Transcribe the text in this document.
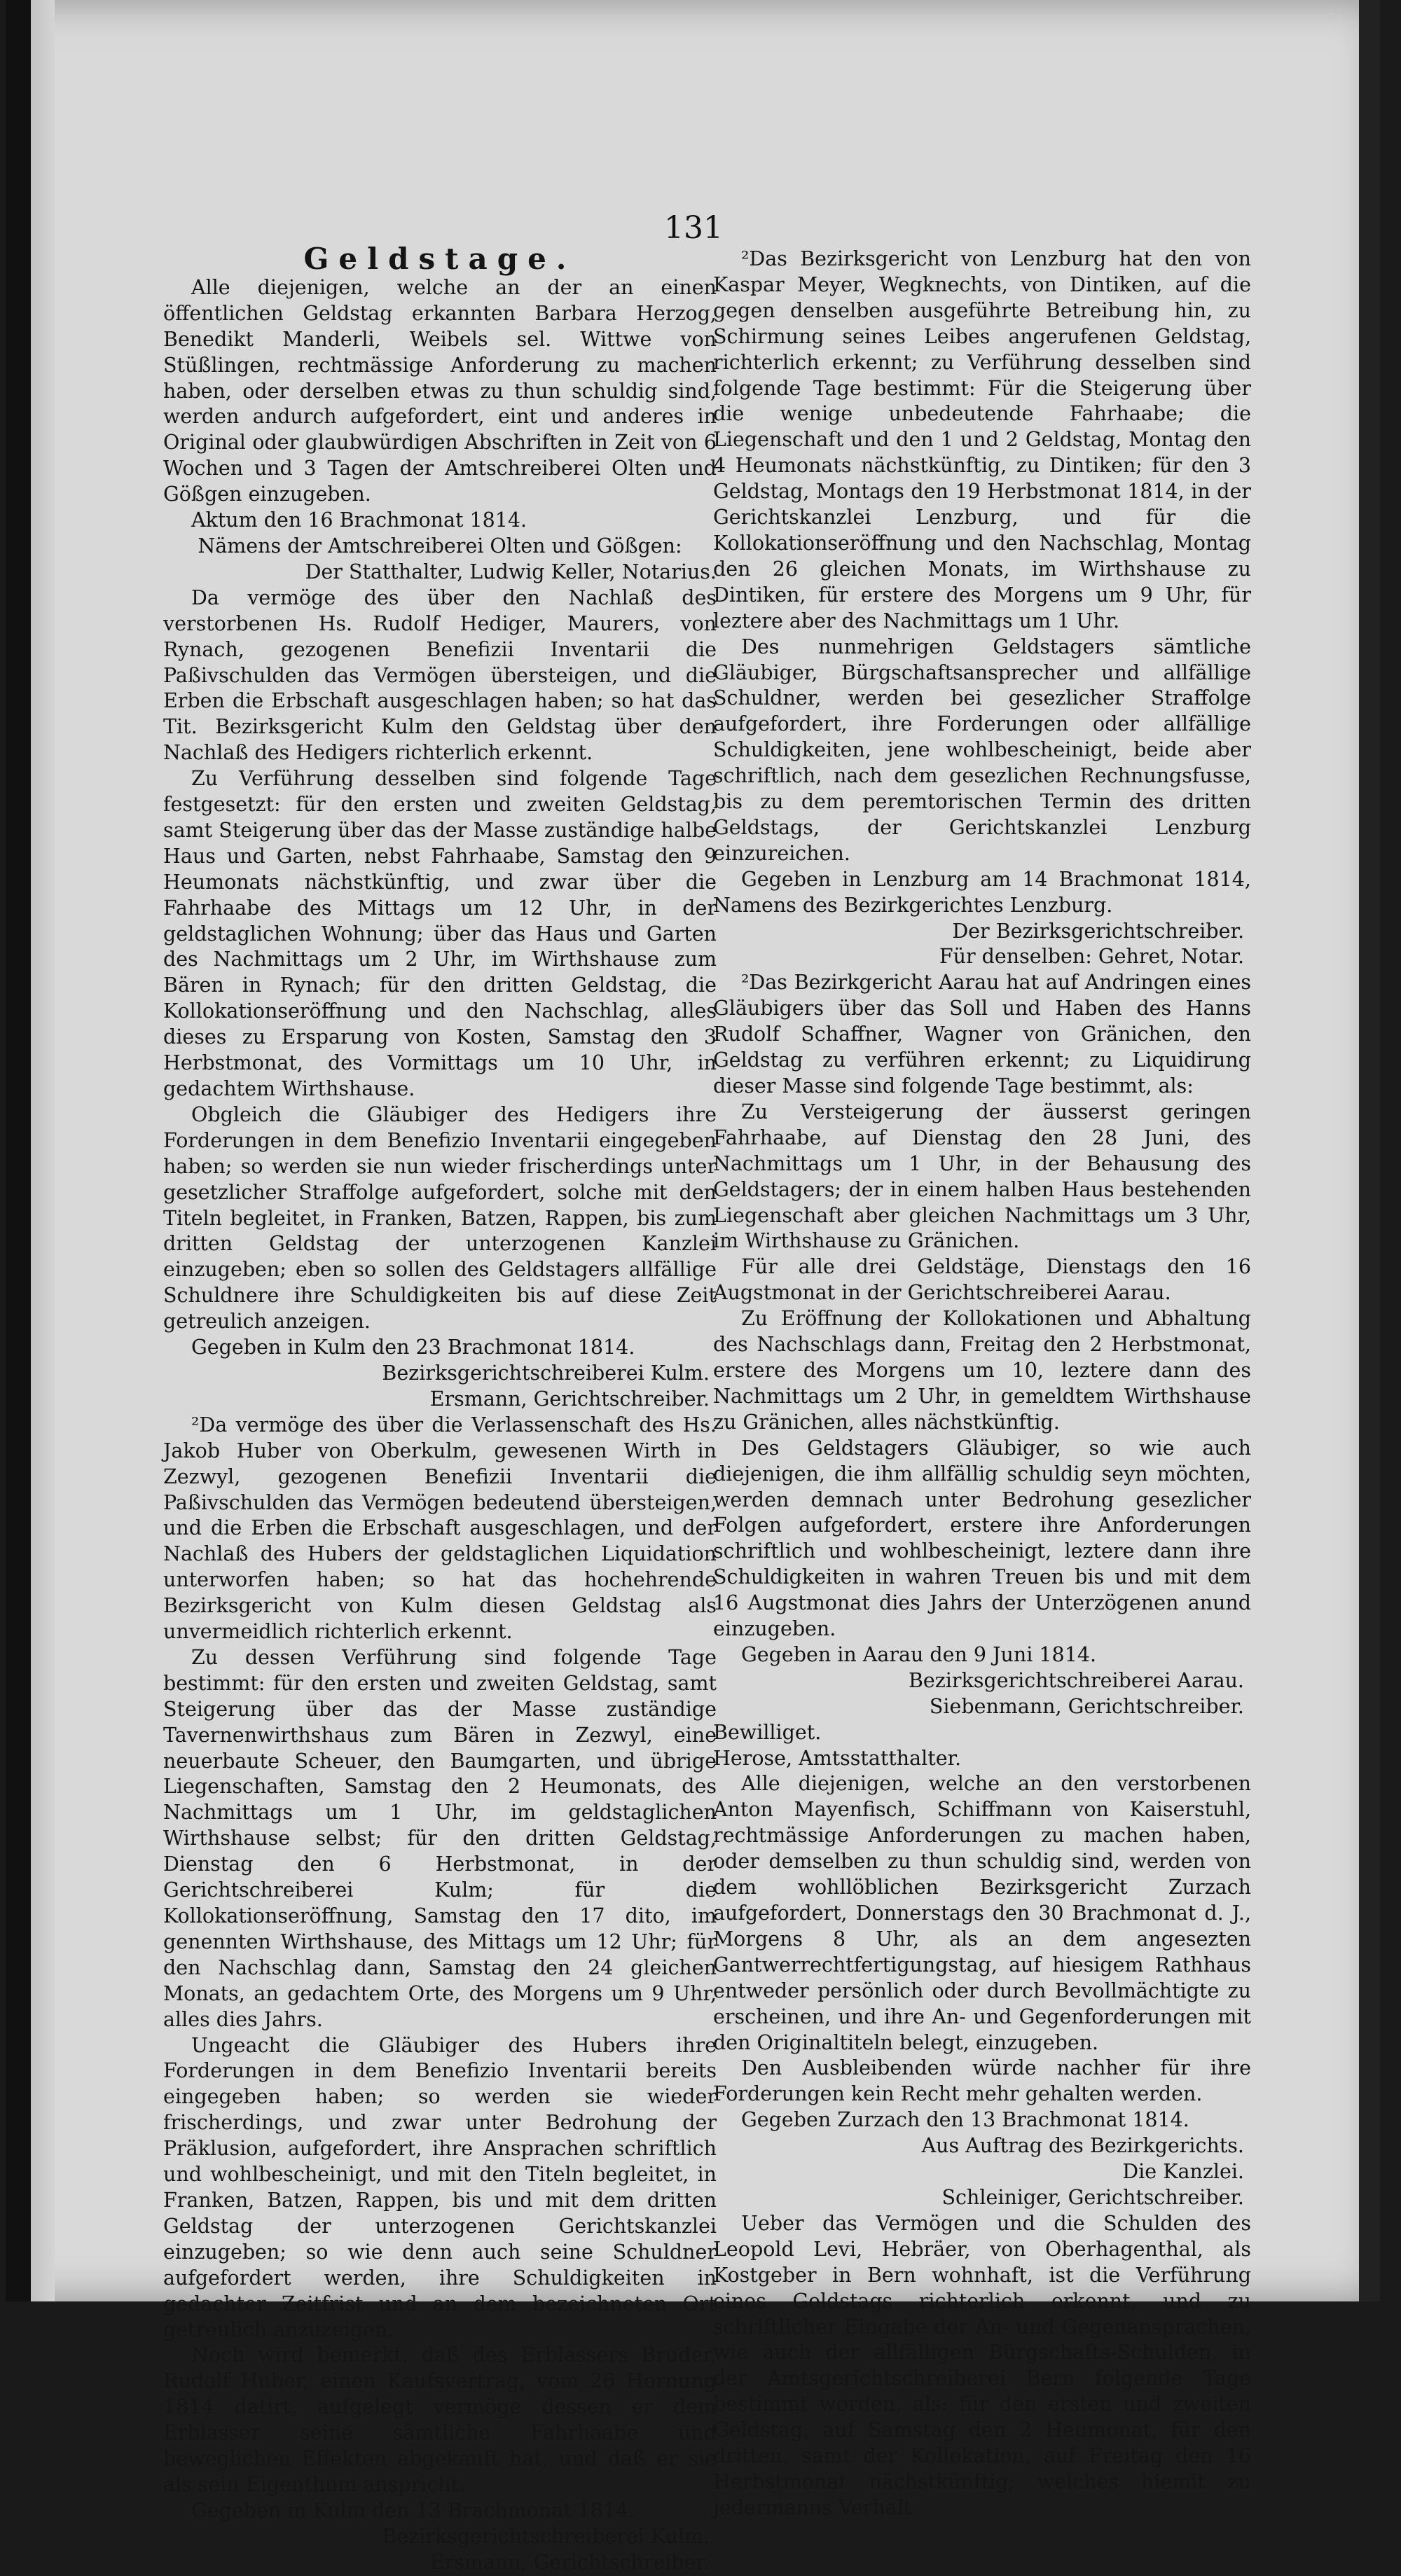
131
Geldstage.

Alle diejenigen, welche an der an einen öffentlichen Geldstag erkannten Barbara Herzog, Benedikt Manderli, Weibels sel. Wittwe von Stüßlingen, rechtmässige Anforderung zu machen haben, oder derselben etwas zu thun schuldig sind, werden andurch aufgefordert, eint und anderes in Original oder glaubwürdigen Abschriften in Zeit von 6 Wochen und 3 Tagen der Amtschreiberei Olten und Gößgen einzugeben.

Aktum den 16 Brachmonat 1814.

Nämens der Amtschreiberei Olten und Gößgen:

Der Statthalter, Ludwig Keller, Notarius.

Da vermöge des über den Nachlaß des verstorbenen Hs. Rudolf Hediger, Maurers, von Rynach, gezogenen Benefizii Inventarii die Paßivschulden das Vermögen übersteigen, und die Erben die Erbschaft ausgeschlagen haben; so hat das Tit. Bezirksgericht Kulm den Geldstag über den Nachlaß des Hedigers richterlich erkennt.

Zu Verführung desselben sind folgende Tage festgesetzt: für den ersten und zweiten Geldstag, samt Steigerung über das der Masse zuständige halbe Haus und Garten, nebst Fahrhaabe, Samstag den 9 Heumonats nächstkünftig, und zwar über die Fahrhaabe des Mittags um 12 Uhr, in der geldstaglichen Wohnung; über das Haus und Garten des Nachmittags um 2 Uhr, im Wirthshause zum Bären in Rynach; für den dritten Geldstag, die Kollokationseröffnung und den Nachschlag, alles dieses zu Ersparung von Kosten, Samstag den 3 Herbstmonat, des Vormittags um 10 Uhr, in gedachtem Wirthshause.

Obgleich die Gläubiger des Hedigers ihre Forderungen in dem Benefizio Inventarii eingegeben haben; so werden sie nun wieder frischerdings unter gesetzlicher Straffolge aufgefordert, solche mit den Titeln begleitet, in Franken, Batzen, Rappen, bis zum dritten Geldstag der unterzogenen Kanzlei einzugeben; eben so sollen des Geldstagers allfällige Schuldnere ihre Schuldigkeiten bis auf diese Zeit getreulich anzeigen.

Gegeben in Kulm den 23 Brachmonat 1814.

Bezirksgerichtschreiberei Kulm.

Ersmann, Gerichtschreiber.

²Da vermöge des über die Verlassenschaft des Hs. Jakob Huber von Oberkulm, gewesenen Wirth in Zezwyl, gezogenen Benefizii Inventarii die Paßivschulden das Vermögen bedeutend übersteigen, und die Erben die Erbschaft ausgeschlagen, und der Nachlaß des Hubers der geldstaglichen Liquidation unterworfen haben; so hat das hochehrende Bezirksgericht von Kulm diesen Geldstag als unvermeidlich richterlich erkennt.

Zu dessen Verführung sind folgende Tage bestimmt: für den ersten und zweiten Geldstag, samt Steigerung über das der Masse zuständige Tavernenwirthshaus zum Bären in Zezwyl, eine neuerbaute Scheuer, den Baumgarten, und übrige Liegenschaften, Samstag den 2 Heumonats, des Nachmittags um 1 Uhr, im geldstaglichen Wirthshause selbst; für den dritten Geldstag, Dienstag den 6 Herbstmonat, in der Gerichtschreiberei Kulm; für die Kollokationseröffnung, Samstag den 17 dito, im genennten Wirthshause, des Mittags um 12 Uhr; für den Nachschlag dann, Samstag den 24 gleichen Monats, an gedachtem Orte, des Morgens um 9 Uhr, alles dies Jahrs.

Ungeacht die Gläubiger des Hubers ihre Forderungen in dem Benefizio Inventarii bereits eingegeben haben; so werden sie wieder frischerdings, und zwar unter Bedrohung der Präklusion, aufgefordert, ihre Ansprachen schriftlich und wohlbescheinigt, und mit den Titeln begleitet, in Franken, Batzen, Rappen, bis und mit dem dritten Geldstag der unterzogenen Gerichtskanzlei einzugeben; so wie denn auch seine Schuldner aufgefordert werden, ihre Schuldigkeiten in gedachter Zeitfrist und an dem bezeichneten Ort getreulich anzuzeigen.

Noch wird bemerkt, daß des Erblassers Bruder, Rudolf Huber, einen Kaufsvertrag, vom 26 Hornung 1814 datirt, aufgelegt vermöge dessen er dem Erblasser seine sämtliche Fahrhaabe und beweglichen Effekten abgekauft hat, und daß er sie als sein Eigenthum anspricht.

Gegeben in Kulm den 13 Brachmonat 1814.

Bezirksgerichtschreiberei Kulm.

Ersmann, Gerichtschreiber.

²Das Bezirksgericht von Lenzburg hat den von Kaspar Meyer, Wegknechts, von Dintiken, auf die gegen denselben ausgeführte Betreibung hin, zu Schirmung seines Leibes angerufenen Geldstag, richterlich erkennt; zu Verführung desselben sind folgende Tage bestimmt: Für die Steigerung über die wenige unbedeutende Fahrhaabe; die Liegenschaft und den 1 und 2 Geldstag, Montag den 4 Heumonats nächstkünftig, zu Dintiken; für den 3 Geldstag, Montags den 19 Herbstmonat 1814, in der Gerichtskanzlei Lenzburg, und für die Kollokationseröffnung und den Nachschlag, Montag den 26 gleichen Monats, im Wirthshause zu Dintiken, für erstere des Morgens um 9 Uhr, für leztere aber des Nachmittags um 1 Uhr.

Des nunmehrigen Geldstagers sämtliche Gläubiger, Bürgschaftsansprecher und allfällige Schuldner, werden bei gesezlicher Straffolge aufgefordert, ihre Forderungen oder allfällige Schuldigkeiten, jene wohlbescheinigt, beide aber schriftlich, nach dem gesezlichen Rechnungsfusse, bis zu dem peremtorischen Termin des dritten Geldstags, der Gerichtskanzlei Lenzburg einzureichen.

Gegeben in Lenzburg am 14 Brachmonat 1814, Namens des Bezirkgerichtes Lenzburg.

Der Bezirksgerichtschreiber.

Für denselben: Gehret, Notar.

²Das Bezirkgericht Aarau hat auf Andringen eines Gläubigers über das Soll und Haben des Hanns Rudolf Schaffner, Wagner von Gränichen, den Geldstag zu verführen erkennt; zu Liquidirung dieser Masse sind folgende Tage bestimmt, als:

Zu Versteigerung der äusserst geringen Fahrhaabe, auf Dienstag den 28 Juni, des Nachmittags um 1 Uhr, in der Behausung des Geldstagers; der in einem halben Haus bestehenden Liegenschaft aber gleichen Nachmittags um 3 Uhr, im Wirthshause zu Gränichen.

Für alle drei Geldstäge, Dienstags den 16 Augstmonat in der Gerichtschreiberei Aarau.

Zu Eröffnung der Kollokationen und Abhaltung des Nachschlags dann, Freitag den 2 Herbstmonat, erstere des Morgens um 10, leztere dann des Nachmittags um 2 Uhr, in gemeldtem Wirthshause zu Gränichen, alles nächstkünftig.

Des Geldstagers Gläubiger, so wie auch diejenigen, die ihm allfällig schuldig seyn möchten, werden demnach unter Bedrohung gesezlicher Folgen aufgefordert, erstere ihre Anforderungen schriftlich und wohlbescheinigt, leztere dann ihre Schuldigkeiten in wahren Treuen bis und mit dem 16 Augstmonat dies Jahrs der Unterzögenen anund einzugeben.

Gegeben in Aarau den 9 Juni 1814.

Bezirksgerichtschreiberei Aarau.

Siebenmann, Gerichtschreiber.

Bewilliget.

Herose, Amtsstatthalter.

Alle diejenigen, welche an den verstorbenen Anton Mayenfisch, Schiffmann von Kaiserstuhl, rechtmässige Anforderungen zu machen haben, oder demselben zu thun schuldig sind, werden von dem wohllöblichen Bezirksgericht Zurzach aufgefordert, Donnerstags den 30 Brachmonat d. J., Morgens 8 Uhr, als an dem angesezten Gantwerrechtfertigungstag, auf hiesigem Rathhaus entweder persönlich oder durch Bevollmächtigte zu erscheinen, und ihre An- und Gegenforderungen mit den Originaltiteln belegt, einzugeben.

Den Ausbleibenden würde nachher für ihre Forderungen kein Recht mehr gehalten werden.

Gegeben Zurzach den 13 Brachmonat 1814.

Aus Auftrag des Bezirkgerichts.

Die Kanzlei.

Schleiniger, Gerichtschreiber.

Ueber das Vermögen und die Schulden des Leopold Levi, Hebräer, von Oberhagenthal, als Kostgeber in Bern wohnhaft, ist die Verführung eines Geldstags richterlich erkennt, und zu schriftlicher Eingabe der An- und Gegenansprachen, wie auch der allfälligen Bürgschafts-Schulden, in der Amtsgerichtschreiberei Bern folgende Tage bestimmt worden, als: für den ersten und zweiten Geldstag, auf Samstag den 2 Heumonat, für den dritten, samt der Kollokation, auf Freitag den 16 Herbstmonat nächstkünftig; welches hiemit zu jedermanns Verhalt
